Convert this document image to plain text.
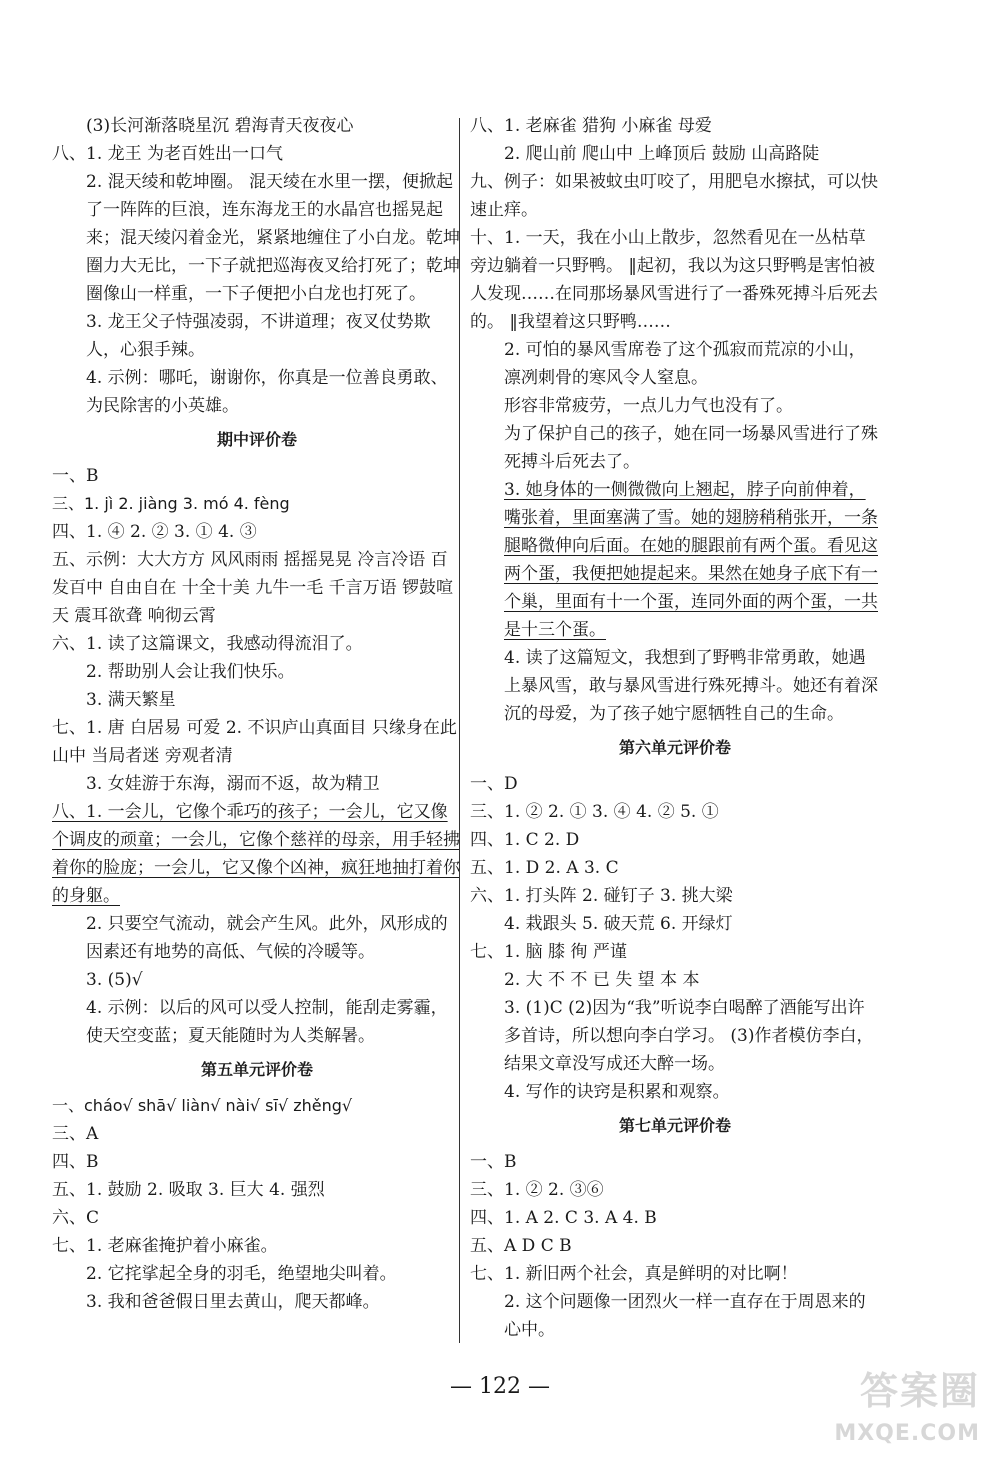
(3)长河渐落晓星沉 碧海青天夜夜心
八、1. 龙王 为老百姓出一口气
2. 混天绫和乾坤圈。 混天绫在水里一摆，便掀起了一阵阵的巨浪，连东海龙王的水晶宫也摇晃起来；混天绫闪着金光，紧紧地缠住了小白龙。乾坤圈力大无比，一下子就把巡海夜叉给打死了；乾坤圈像山一样重，一下子便把小白龙也打死了。
3. 龙王父子恃强凌弱，不讲道理；夜叉仗势欺人，心狠手辣。
4. 示例：哪吒，谢谢你，你真是一位善良勇敢、为民除害的小英雄。
期中评价卷
一、B
三、1. jì 2. jiàng 3. mó 4. fèng
四、1. ④ 2. ② 3. ① 4. ③
五、示例：大大方方 风风雨雨 摇摇晃晃 冷言冷语 百发百中 自由自在 十全十美 九牛一毛 千言万语 锣鼓喧天 震耳欲聋 响彻云霄
六、1. 读了这篇课文，我感动得流泪了。
2. 帮助别人会让我们快乐。
3. 满天繁星
七、1. 唐 白居易 可爱 2. 不识庐山真面目 只缘身在此山中 当局者迷 旁观者清
3. 女娃游于东海，溺而不返，故为精卫
八、1. 一会儿，它像个乖巧的孩子；一会儿，它又像个调皮的顽童；一会儿，它像个慈祥的母亲，用手轻拂着你的脸庞；一会儿，它又像个凶神，疯狂地抽打着你的身躯。
2. 只要空气流动，就会产生风。此外，风形成的因素还有地势的高低、气候的冷暖等。
3. (5)√
4. 示例：以后的风可以受人控制，能刮走雾霾，使天空变蓝；夏天能随时为人类解暑。
第五单元评价卷
一、cháo√ shā√ liàn√ nài√ sī√ zhěng√
三、A
四、B
五、1. 鼓励 2. 吸取 3. 巨大 4. 强烈
六、C
七、1. 老麻雀掩护着小麻雀。
2. 它挓挲起全身的羽毛，绝望地尖叫着。
3. 我和爸爸假日里去黄山，爬天都峰。
八、1. 老麻雀 猎狗 小麻雀 母爱
2. 爬山前 爬山中 上峰顶后 鼓励 山高路陡
九、例子：如果被蚊虫叮咬了，用肥皂水擦拭，可以快速止痒。
十、1. 一天，我在小山上散步，忽然看见在一丛枯草旁边躺着一只野鸭。 ‖起初，我以为这只野鸭是害怕被人发现……在同那场暴风雪进行了一番殊死搏斗后死去的。 ‖我望着这只野鸭……
2. 可怕的暴风雪席卷了这个孤寂而荒凉的小山，凛冽刺骨的寒风令人窒息。
形容非常疲劳，一点儿力气也没有了。
为了保护自己的孩子，她在同一场暴风雪进行了殊死搏斗后死去了。
3. 她身体的一侧微微向上翘起，脖子向前伸着，嘴张着，里面塞满了雪。她的翅膀稍稍张开，一条腿略微伸向后面。在她的腿跟前有两个蛋。看见这两个蛋，我便把她提起来。果然在她身子底下有一个巢，里面有十一个蛋，连同外面的两个蛋，一共是十三个蛋。
4. 读了这篇短文，我想到了野鸭非常勇敢，她遇上暴风雪，敢与暴风雪进行殊死搏斗。她还有着深沉的母爱，为了孩子她宁愿牺牲自己的生命。
第六单元评价卷
一、D
三、1. ② 2. ① 3. ④ 4. ② 5. ①
四、1. C 2. D
五、1. D 2. A 3. C
六、1. 打头阵 2. 碰钉子 3. 挑大梁
4. 栽跟头 5. 破天荒 6. 开绿灯
七、1. 脑 膝 徇 严谨
2. 大 不 不 已 失 望 本 本
3. (1)C (2)因为“我”听说李白喝醉了酒能写出许多首诗，所以想向李白学习。 (3)作者模仿李白，结果文章没写成还大醉一场。
4. 写作的诀窍是积累和观察。
第七单元评价卷
一、B
三、1. ② 2. ③⑥
四、1. A 2. C 3. A 4. B
五、A D C B
七、1. 新旧两个社会，真是鲜明的对比啊！
2. 这个问题像一团烈火一样一直存在于周恩来的心中。
— 122 —	答案圈
MXQE.COM
